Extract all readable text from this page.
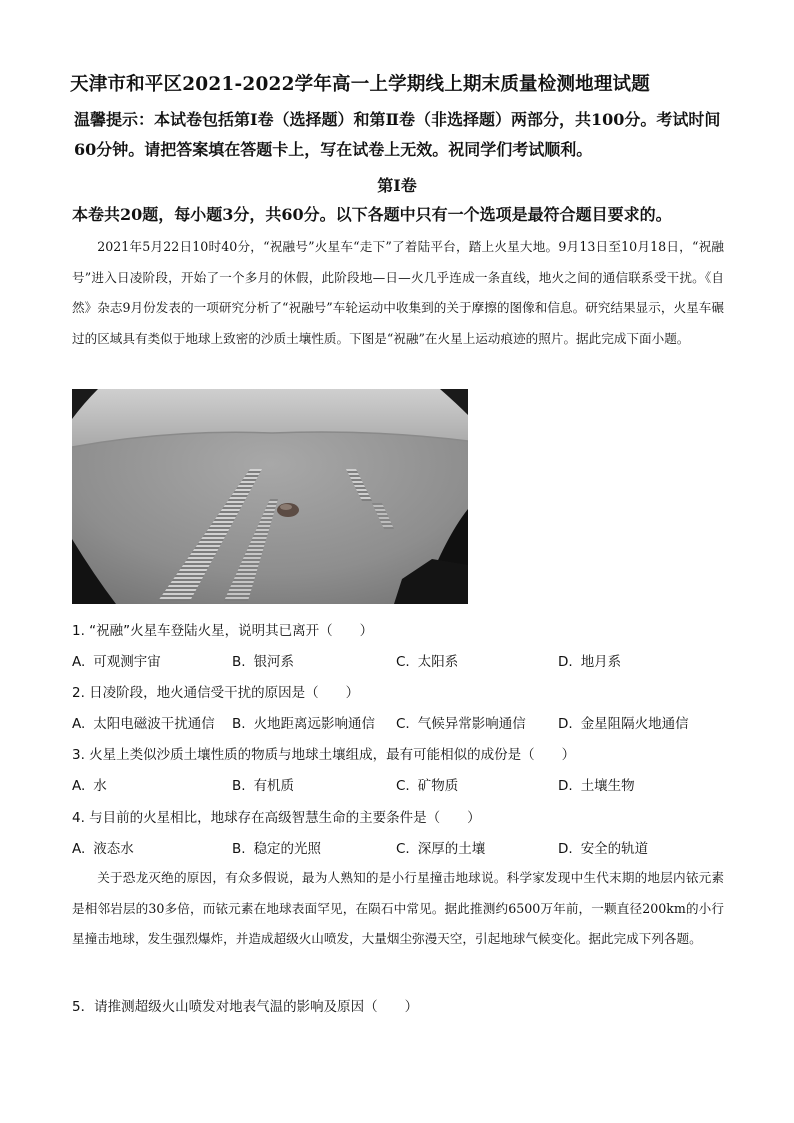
天津市和平区2021-2022学年高一上学期线上期末质量检测地理试题
温馨提示：本试卷包括第Ⅰ卷（选择题）和第Ⅱ卷（非选择题）两部分，共100分。考试时间60分钟。请把答案填在答题卡上，写在试卷上无效。祝同学们考试顺利。
第Ⅰ卷
本卷共20题，每小题3分，共60分。以下各题中只有一个选项是最符合题目要求的。
2021年5月22日10时40分，“祝融号”火星车“走下”了着陆平台，踏上火星大地。9月13日至10月18日，“祝融号”进入日凌阶段，开始了一个多月的休假，此阶段地—日—火几乎连成一条直线，地火之间的通信联系受干扰。《自然》杂志9月份发表的一项研究分析了“祝融号”车轮运动中收集到的关于摩擦的图像和信息。研究结果显示，火星车碾过的区域具有类似于地球上致密的沙质土壤性质。下图是“祝融”在火星上运动痕迹的照片。据此完成下面小题。
1. “祝融”火星车登陆火星，说明其已离开（　　）
A. 可观测宇宙	B. 银河系	C. 太阳系	D. 地月系
2. 日凌阶段，地火通信受干扰的原因是（　　）
A. 太阳电磁波干扰通信 B. 火地距离远影响通信 C. 气候异常影响通信 D. 金星阻隔火地通信
3. 火星上类似沙质土壤性质的物质与地球土壤组成，最有可能相似的成份是（　　）
A. 水	B. 有机质	C. 矿物质	D. 土壤生物
4. 与目前的火星相比，地球存在高级智慧生命的主要条件是（　　）
A. 液态水	B. 稳定的光照	C. 深厚的土壤	D. 安全的轨道
关于恐龙灭绝的原因，有众多假说，最为人熟知的是小行星撞击地球说。科学家发现中生代末期的地层内铱元素是相邻岩层的30多倍，而铱元素在地球表面罕见，在陨石中常见。据此推测约6500万年前，一颗直径200km的小行星撞击地球，发生强烈爆炸，并造成超级火山喷发，大量烟尘弥漫天空，引起地球气候变化。据此完成下列各题。
5．请推测超级火山喷发对地表气温的影响及原因（　　）
